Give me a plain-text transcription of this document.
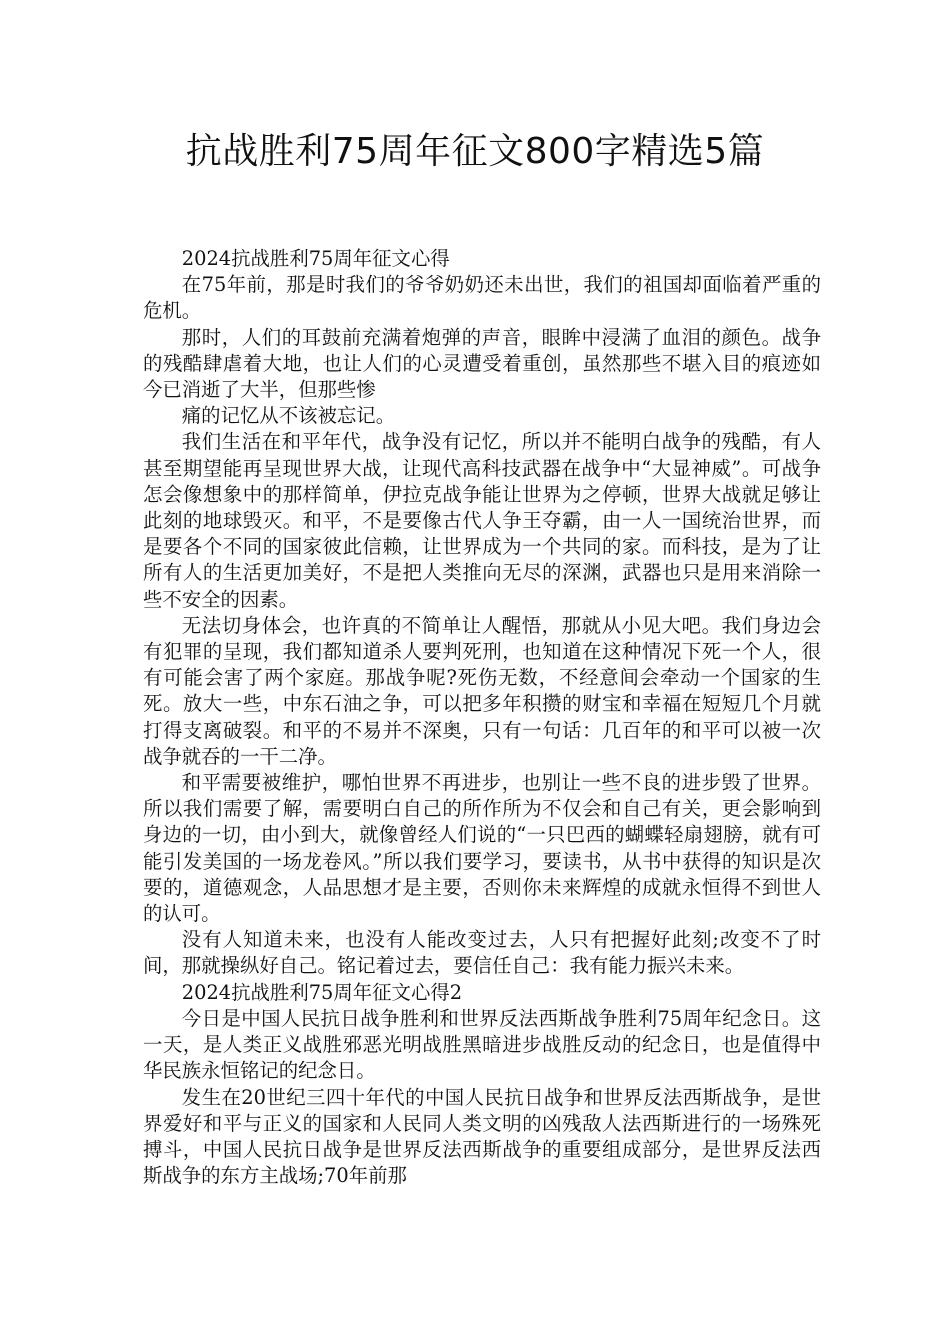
抗战胜利75周年征文800字精选5篇

2024抗战胜利75周年征文心得

在75年前，那是时我们的爷爷奶奶还未出世，我们的祖国却面临着严重的危机。

那时，人们的耳鼓前充满着炮弹的声音，眼眸中浸满了血泪的颜色。战争的残酷肆虐着大地，也让人们的心灵遭受着重创，虽然那些不堪入目的痕迹如今已消逝了大半，但那些惨

痛的记忆从不该被忘记。

我们生活在和平年代，战争没有记忆，所以并不能明白战争的残酷，有人甚至期望能再呈现世界大战，让现代高科技武器在战争中“大显神威”。可战争怎会像想象中的那样简单，伊拉克战争能让世界为之停顿，世界大战就足够让此刻的地球毁灭。和平，不是要像古代人争王夺霸，由一人一国统治世界，而是要各个不同的国家彼此信赖，让世界成为一个共同的家。而科技，是为了让所有人的生活更加美好，不是把人类推向无尽的深渊，武器也只是用来消除一些不安全的因素。

无法切身体会，也许真的不简单让人醒悟，那就从小见大吧。我们身边会有犯罪的呈现，我们都知道杀人要判死刑，也知道在这种情况下死一个人，很有可能会害了两个家庭。那战争呢?死伤无数，不经意间会牵动一个国家的生死。放大一些，中东石油之争，可以把多年积攒的财宝和幸福在短短几个月就打得支离破裂。和平的不易并不深奥，只有一句话：几百年的和平可以被一次战争就吞的一干二净。

和平需要被维护，哪怕世界不再进步，也别让一些不良的进步毁了世界。所以我们需要了解，需要明白自己的所作所为不仅会和自己有关，更会影响到身边的一切，由小到大，就像曾经人们说的“一只巴西的蝴蝶轻扇翅膀，就有可能引发美国的一场龙卷风。”所以我们要学习，要读书，从书中获得的知识是次要的，道德观念，人品思想才是主要，否则你未来辉煌的成就永恒得不到世人的认可。

没有人知道未来，也没有人能改变过去，人只有把握好此刻;改变不了时间，那就操纵好自己。铭记着过去，要信任自己：我有能力振兴未来。

2024抗战胜利75周年征文心得2

今日是中国人民抗日战争胜利和世界反法西斯战争胜利75周年纪念日。这一天，是人类正义战胜邪恶光明战胜黑暗进步战胜反动的纪念日，也是值得中华民族永恒铭记的纪念日。

发生在20世纪三四十年代的中国人民抗日战争和世界反法西斯战争，是世界爱好和平与正义的国家和人民同人类文明的凶残敌人法西斯进行的一场殊死搏斗，中国人民抗日战争是世界反法西斯战争的重要组成部分，是世界反法西斯战争的东方主战场;70年前那
